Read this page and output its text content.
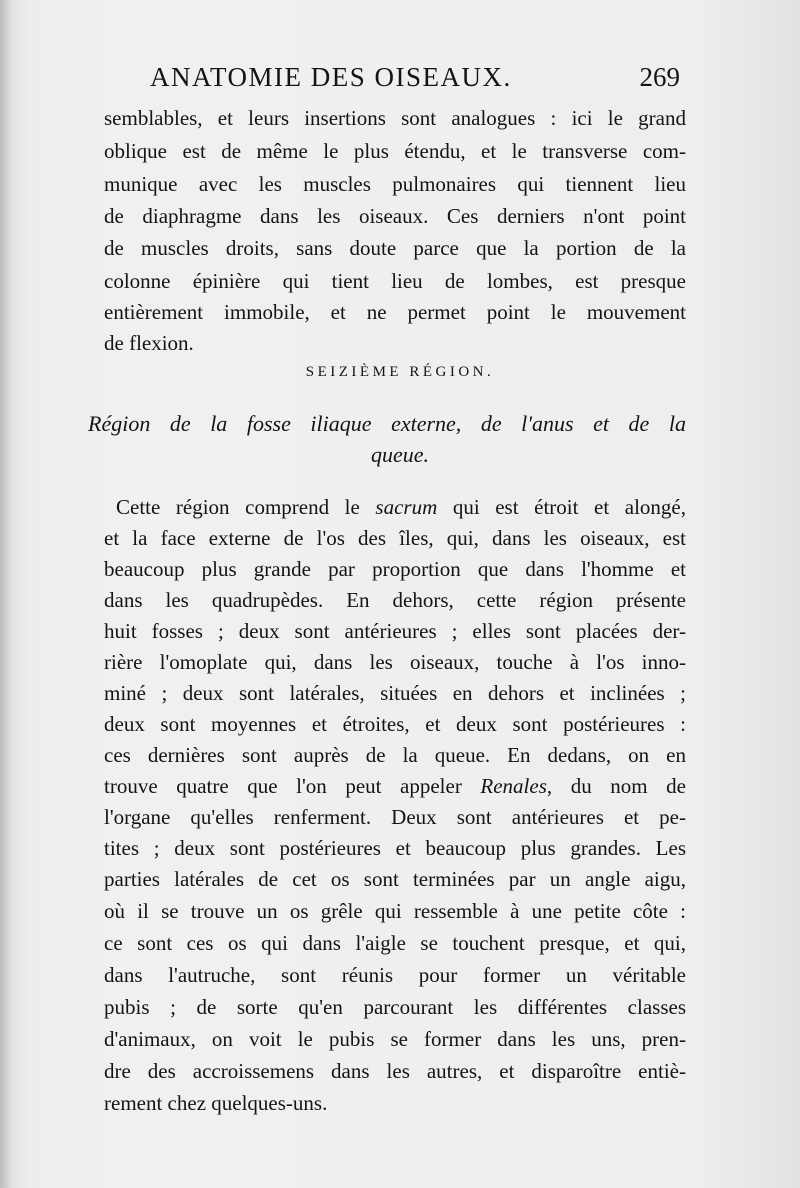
ANATOMIE DES OISEAUX.	269
semblables, et leurs insertions sont analogues : ici le grand
oblique est de même le plus étendu, et le transverse com-
munique avec les muscles pulmonaires qui tiennent lieu
de diaphragme dans les oiseaux. Ces derniers n'ont point
de muscles droits, sans doute parce que la portion de la
colonne épinière qui tient lieu de lombes, est presque
entièrement immobile, et ne permet point le mouvement
de flexion.
SEIZIÈME RÉGION.
Région de la fosse iliaque externe, de l'anus et de la
queue.
Cette région comprend le sacrum qui est étroit et alongé,
et la face externe de l'os des îles, qui, dans les oiseaux, est
beaucoup plus grande par proportion que dans l'homme et
dans les quadrupèdes. En dehors, cette région présente
huit fosses ; deux sont antérieures ; elles sont placées der-
rière l'omoplate qui, dans les oiseaux, touche à l'os inno-
miné ; deux sont latérales, situées en dehors et inclinées ;
deux sont moyennes et étroites, et deux sont postérieures :
ces dernières sont auprès de la queue. En dedans, on en
trouve quatre que l'on peut appeler Renales, du nom de
l'organe qu'elles renferment. Deux sont antérieures et pe-
tites ; deux sont postérieures et beaucoup plus grandes. Les
parties latérales de cet os sont terminées par un angle aigu,
où il se trouve un os grêle qui ressemble à une petite côte :
ce sont ces os qui dans l'aigle se touchent presque, et qui,
dans l'autruche, sont réunis pour former un véritable
pubis ; de sorte qu'en parcourant les différentes classes
d'animaux, on voit le pubis se former dans les uns, pren-
dre des accroissemens dans les autres, et disparoître entiè-
rement chez quelques-uns.
